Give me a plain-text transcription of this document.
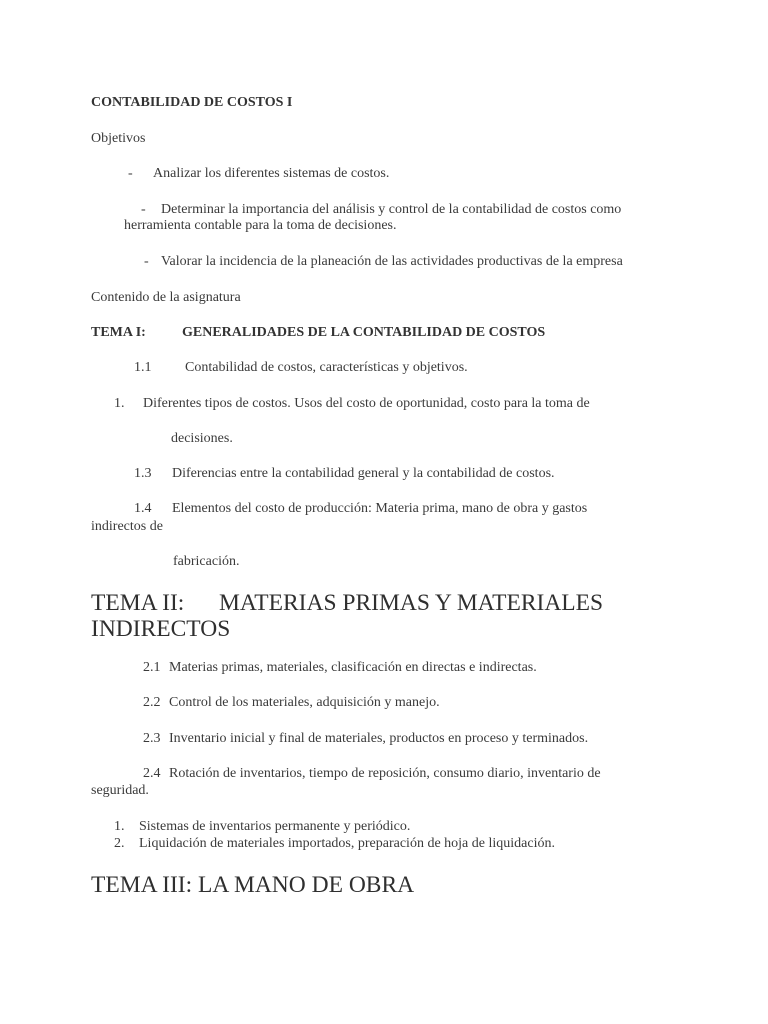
CONTABILIDAD DE COSTOS I
Objetivos
- Analizar los diferentes sistemas de costos.
- Determinar la importancia del análisis y control de la contabilidad de costos como
herramienta contable para la toma de decisiones.
- Valorar la incidencia de la planeación de las actividades productivas de la empresa
Contenido de la asignatura
TEMA I:	GENERALIDADES DE LA CONTABILIDAD DE COSTOS
1.1 Contabilidad de costos, características y objetivos.
1. Diferentes tipos de costos. Usos del costo de oportunidad, costo para la toma de
decisiones.
1.3 Diferencias entre la contabilidad general y la contabilidad de costos.
1.4 Elementos del costo de producción: Materia prima, mano de obra y gastos
indirectos de
fabricación.
TEMA II: MATERIAS PRIMAS Y MATERIALES
INDIRECTOS
2.1 Materias primas, materiales, clasificación en directas e indirectas.
2.2 Control de los materiales, adquisición y manejo.
2.3 Inventario inicial y final de materiales, productos en proceso y terminados.
2.4 Rotación de inventarios, tiempo de reposición, consumo diario, inventario de
seguridad.
1. Sistemas de inventarios permanente y periódico.
2. Liquidación de materiales importados, preparación de hoja de liquidación.
TEMA III: LA MANO DE OBRA
